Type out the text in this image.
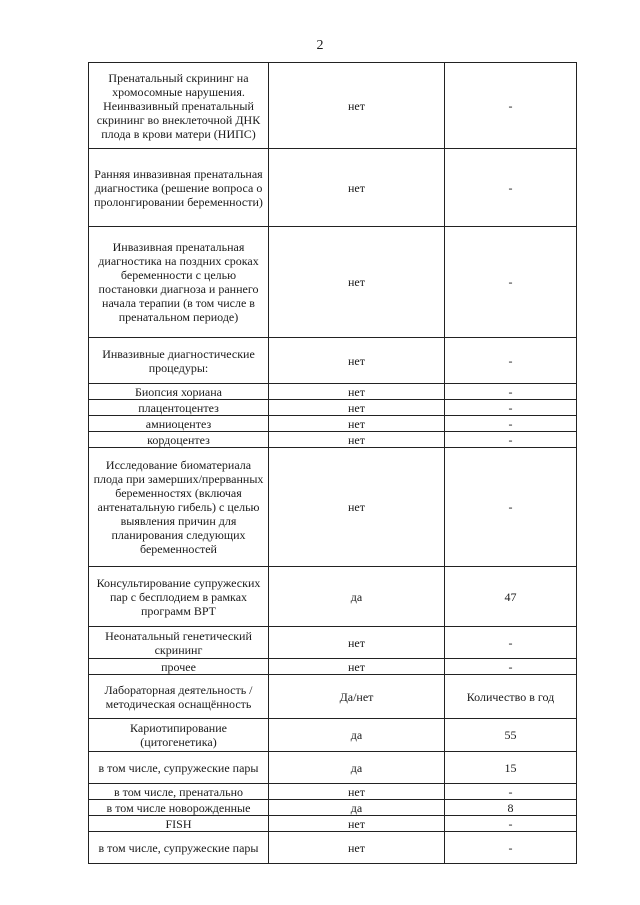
2
Пренатальный скрининг на хромосомные нарушения. Неинвазивный пренатальный скрининг во внеклеточной ДНК плода в крови матери (НИПС)	нет	-
Ранняя инвазивная пренатальная диагностика (решение вопроса о пролонгировании беременности)	нет	-
Инвазивная пренатальная диагностика на поздних сроках беременности с целью постановки диагноза и раннего начала терапии (в том числе в пренатальном периоде)	нет	-
Инвазивные диагностические процедуры:	нет	-
Биопсия хориана	нет	-
плацентоцентез	нет	-
амниоцентез	нет	-
кордоцентез	нет	-
Исследование биоматериала плода при замерших/прерванных беременностях (включая антенатальную гибель) с целью выявления причин для планирования следующих беременностей	нет	-
Консультирование супружеских пар с бесплодием в рамках программ ВРТ	да	47
Неонатальный генетический скрининг	нет	-
прочее	нет	-
Лабораторная деятельность / методическая оснащённость	Да/нет	Количество в год
Кариотипирование (цитогенетика)	да	55
в том числе, супружеские пары	да	15
в том числе, пренатально	нет	-
в том числе новорожденные	да	8
FISH	нет	-
в том числе, супружеские пары	нет	-
